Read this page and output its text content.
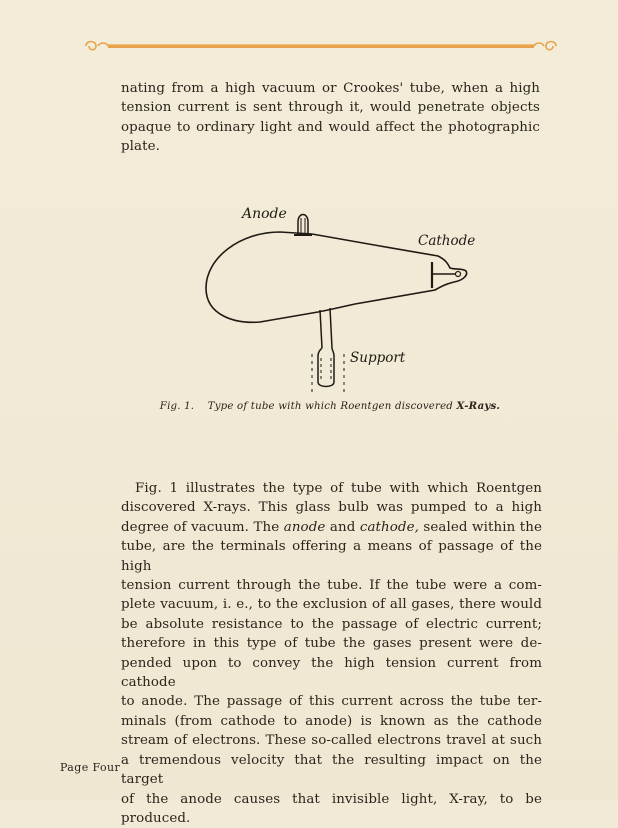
nating from a high vacuum or Crookes' tube, when a high
tension current is sent through it, would penetrate objects
opaque to ordinary light and would affect the photographic
plate.
Anode
Cathode
Support
Fig. 1. Type of tube with which Roentgen discovered X-Rays.
Fig. 1 illustrates the type of tube with which Roentgen
discovered X-rays. This glass bulb was pumped to a high
degree of vacuum. The anode and cathode, sealed within the
tube, are the terminals offering a means of passage of the high
tension current through the tube. If the tube were a com-
plete vacuum, i. e., to the exclusion of all gases, there would
be absolute resistance to the passage of electric current;
therefore in this type of tube the gases present were de-
pended upon to convey the high tension current from cathode
to anode. The passage of this current across the tube ter-
minals (from cathode to anode) is known as the cathode
stream of electrons. These so-called electrons travel at such
a tremendous velocity that the resulting impact on the target
of the anode causes that invisible light, X-ray, to be produced.
Page Four
